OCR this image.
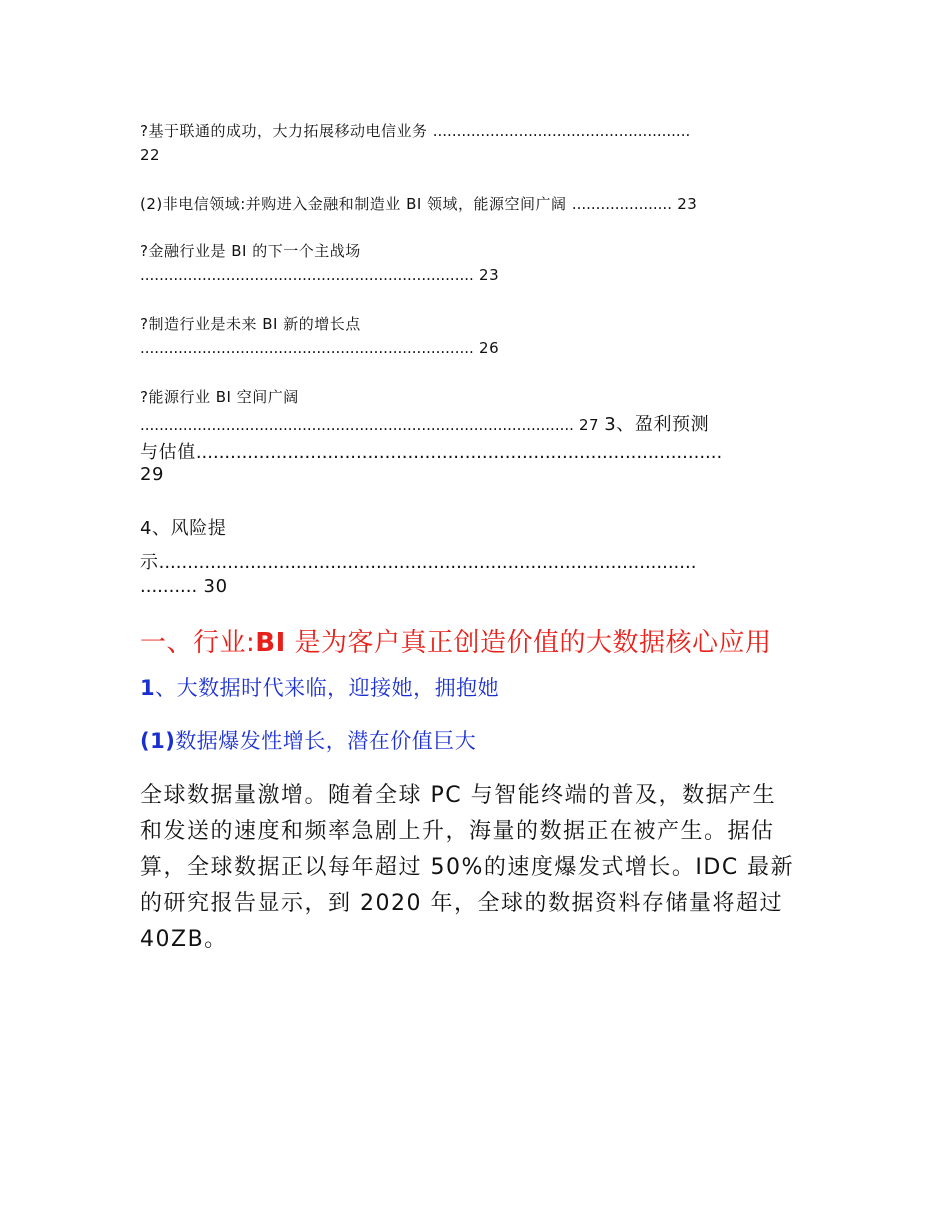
?基于联通的成功，大力拓展移动电信业务 ......................................................
22
(2)非电信领域:并购进入金融和制造业 BI 领域，能源空间广阔 ..................... 23
?金融行业是 BI 的下一个主战场
...................................................................... 23
?制造行业是未来 BI 新的增长点
...................................................................... 26
?能源行业 BI 空间广阔
........................................................................................... 27 3、盈利预测
与估值............................................................................................
29
4、风险提
示..............................................................................................
.......... 30
一、行业:BI 是为客户真正创造价值的大数据核心应用
1、大数据时代来临，迎接她，拥抱她
(1)数据爆发性增长，潜在价值巨大
全球数据量激增。随着全球 PC 与智能终端的普及，数据产生
和发送的速度和频率急剧上升，海量的数据正在被产生。据估
算，全球数据正以每年超过 50%的速度爆发式增长。IDC 最新
的研究报告显示，到 2020 年，全球的数据资料存储量将超过
40ZB。
